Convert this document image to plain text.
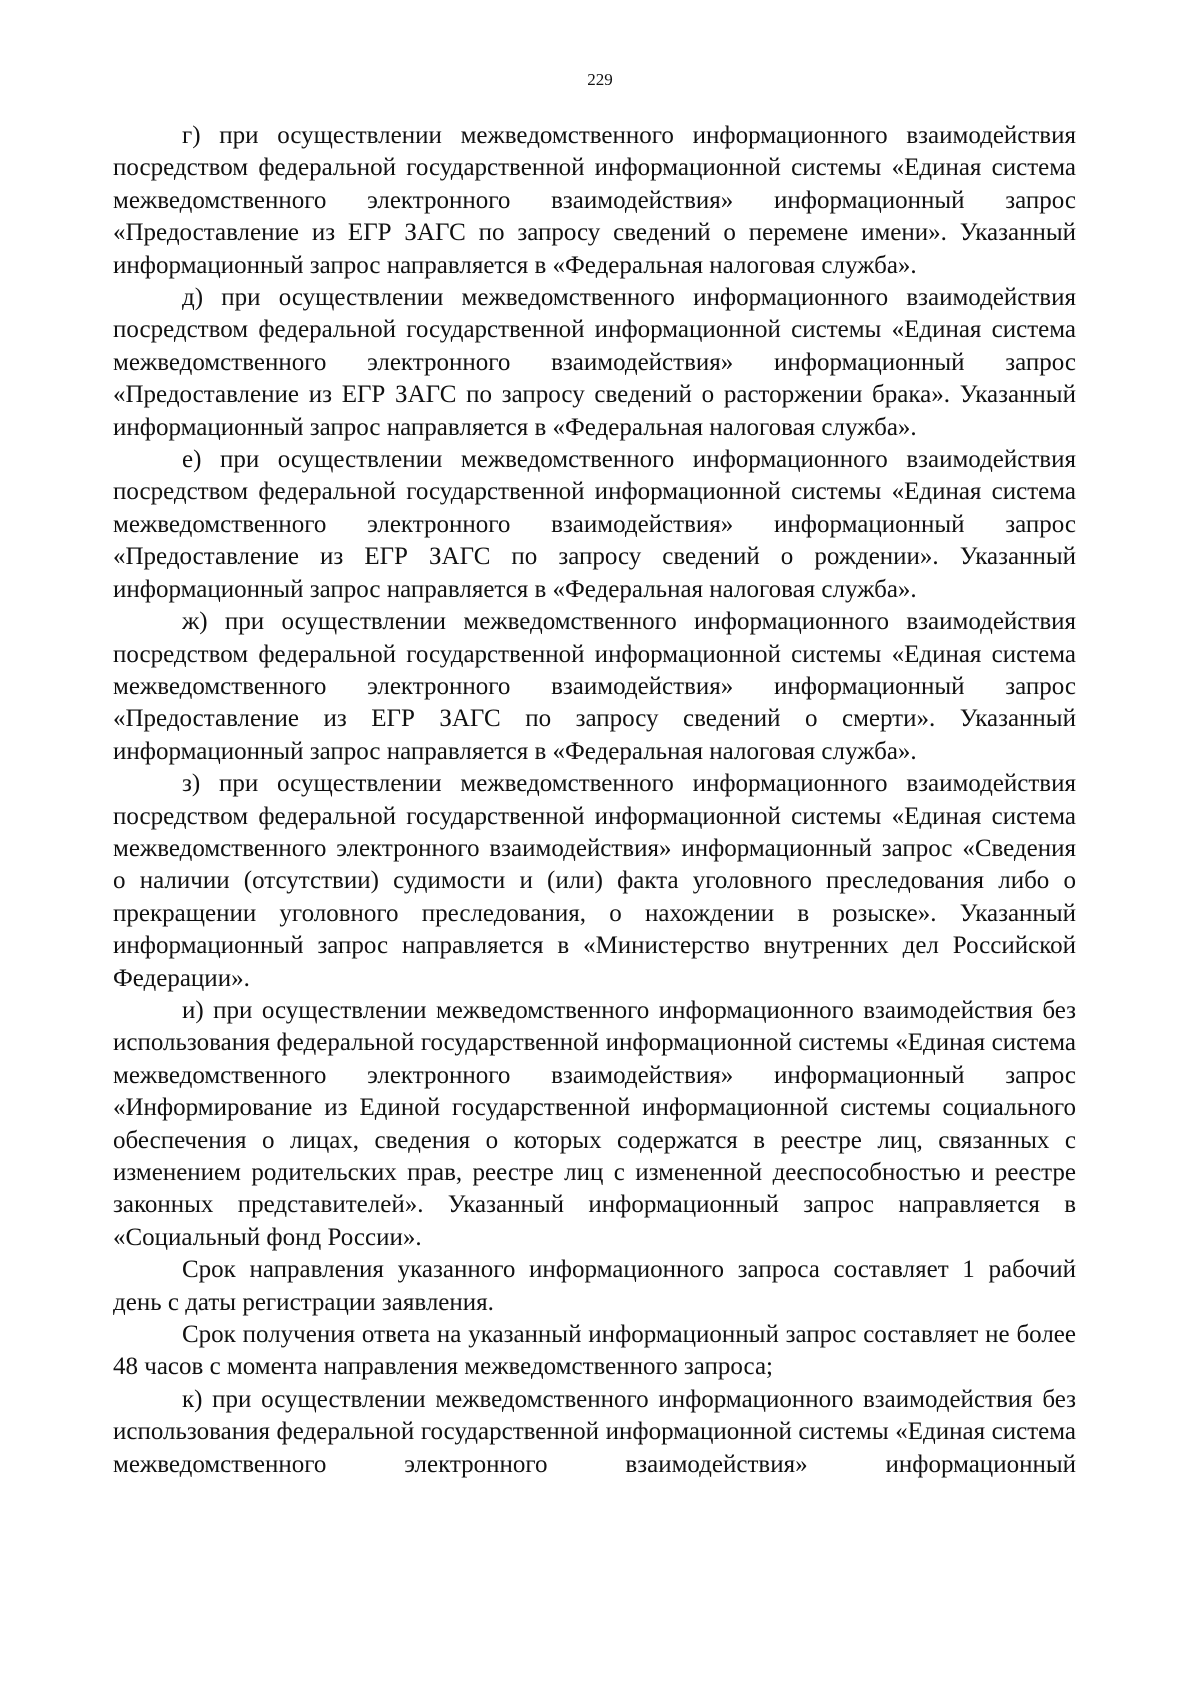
229

г) при осуществлении межведомственного информационного взаимодействия посредством федеральной государственной информационной системы «Единая система межведомственного электронного взаимодействия» информационный запрос «Предоставление из ЕГР ЗАГС по запросу сведений о перемене имени». Указанный информационный запрос направляется в «Федеральная налоговая служба».

д) при осуществлении межведомственного информационного взаимодействия посредством федеральной государственной информационной системы «Единая система межведомственного электронного взаимодействия» информационный запрос «Предоставление из ЕГР ЗАГС по запросу сведений о расторжении брака». Указанный информационный запрос направляется в «Федеральная налоговая служба».

е) при осуществлении межведомственного информационного взаимодействия посредством федеральной государственной информационной системы «Единая система межведомственного электронного взаимодействия» информационный запрос «Предоставление из ЕГР ЗАГС по запросу сведений о рождении». Указанный информационный запрос направляется в «Федеральная налоговая служба».

ж) при осуществлении межведомственного информационного взаимодействия посредством федеральной государственной информационной системы «Единая система межведомственного электронного взаимодействия» информационный запрос «Предоставление из ЕГР ЗАГС по запросу сведений о смерти». Указанный информационный запрос направляется в «Федеральная налоговая служба».

з) при осуществлении межведомственного информационного взаимодействия посредством федеральной государственной информационной системы «Единая система межведомственного электронного взаимодействия» информационный запрос «Сведения о наличии (отсутствии) судимости и (или) факта уголовного преследования либо о прекращении уголовного преследования, о нахождении в розыске». Указанный информационный запрос направляется в «Министерство внутренних дел Российской Федерации».

и) при осуществлении межведомственного информационного взаимодействия без использования федеральной государственной информационной системы «Единая система межведомственного электронного взаимодействия» информационный запрос «Информирование из Единой государственной информационной системы социального обеспечения о лицах, сведения о которых содержатся в реестре лиц, связанных с изменением родительских прав, реестре лиц с измененной дееспособностью и реестре законных представителей». Указанный информационный запрос направляется в «Социальный фонд России».

Срок направления указанного информационного запроса составляет 1 рабочий день с даты регистрации заявления.

Срок получения ответа на указанный информационный запрос составляет не более 48 часов с момента направления межведомственного запроса;

к) при осуществлении межведомственного информационного взаимодействия без использования федеральной государственной информационной системы «Единая система межведомственного электронного взаимодействия» информационный
